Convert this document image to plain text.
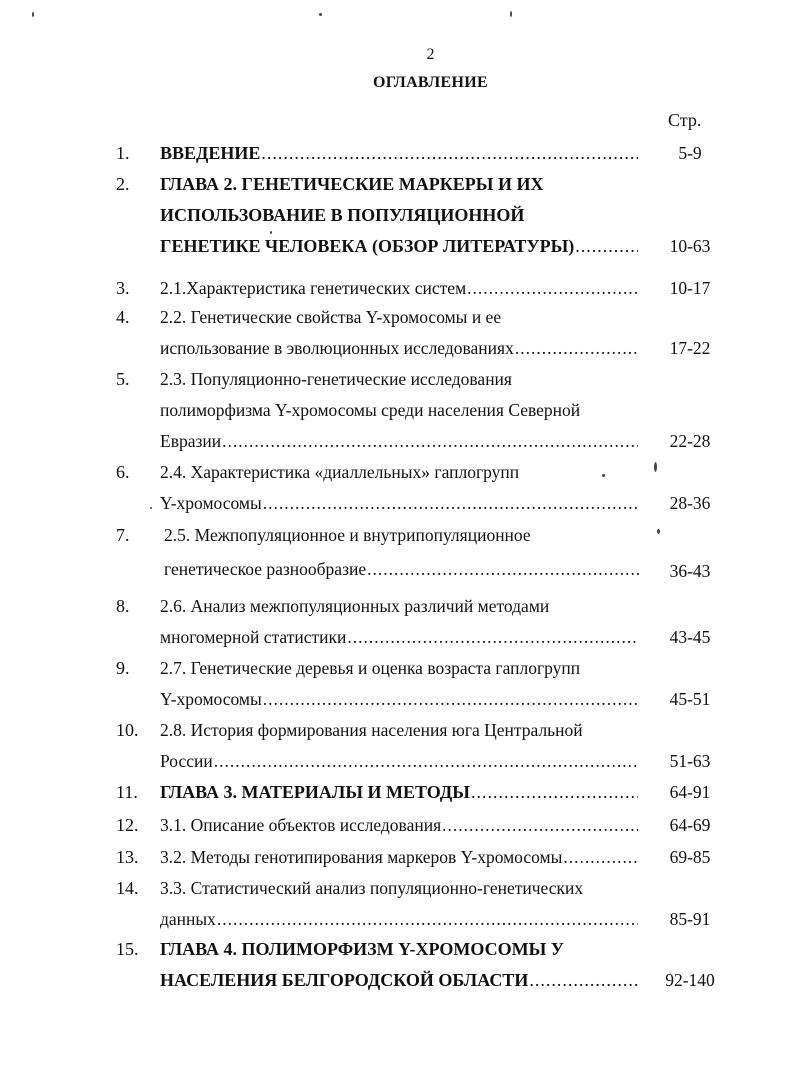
2
ОГЛАВЛЕНИЕ
Стр.
1. ВВЕДЕНИЕ .....	5-9
2. ГЛАВА 2. ГЕНЕТИЧЕСКИЕ МАРКЕРЫ И ИХ
ИСПОЛЬЗОВАНИЕ В ПОПУЛЯЦИОННОЙ
ГЕНЕТИКЕ ЧЕЛОВЕКА (ОБЗОР ЛИТЕРАТУРЫ) .....	10-63
3. 2.1.Характеристика генетических систем .....	10-17
4. 2.2. Генетические свойства Y-хромосомы и ее
использование в эволюционных исследованиях .....	17-22
5. 2.3. Популяционно-генетические исследования
полиморфизма Y-хромосомы среди населения Северной
Евразии .....	22-28
6. 2.4. Характеристика «диаллельных» гаплогрупп
Y-хромосомы .....	28-36
7. 2.5. Межпопуляционное и внутрипопуляционное
генетическое разнообразие .....	36-43
8. 2.6. Анализ межпопуляционных различий методами
многомерной статистики .....	43-45
9. 2.7. Генетические деревья и оценка возраста гаплогрупп
Y-хромосомы .....	45-51
10. 2.8. История формирования населения юга Центральной
России .....	51-63
11. ГЛАВА 3. МАТЕРИАЛЫ И МЕТОДЫ .....	64-91
12. 3.1. Описание объектов исследования .....	64-69
13. 3.2. Методы генотипирования маркеров Y-хромосомы .....	69-85
14. 3.3. Статистический анализ популяционно-генетических
данных .....	85-91
15. ГЛАВА 4. ПОЛИМОРФИЗМ Y-ХРОМОСОМЫ У
НАСЕЛЕНИЯ БЕЛГОРОДСКОЙ ОБЛАСТИ .....	92-140
